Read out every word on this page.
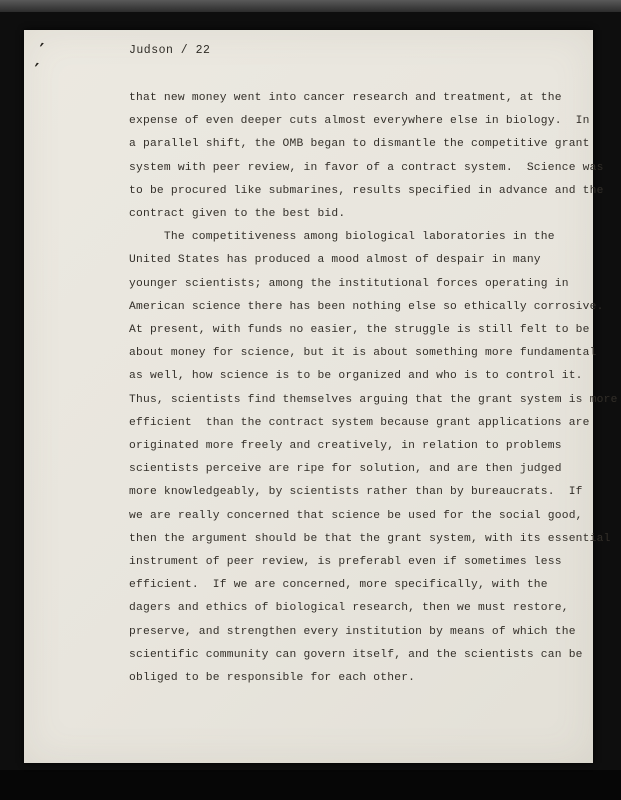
’
’
Judson / 22
that new money went into cancer research and treatment, at the
expense of even deeper cuts almost everywhere else in biology.  In
a parallel shift, the OMB began to dismantle the competitive grant
system with peer review, in favor of a contract system.  Science was
to be procured like submarines, results specified in advance and the
contract given to the best bid.
The competitiveness among biological laboratories in the
United States has produced a mood almost of despair in many
younger scientists; among the institutional forces operating in
American science there has been nothing else so ethically corrosive.
At present, with funds no easier, the struggle is still felt to be
about money for science, but it is about something more fundamental
as well, how science is to be organized and who is to control it.
Thus, scientists find themselves arguing that the grant system is more
efficient  than the contract system because grant applications are
originated more freely and creatively, in relation to problems
scientists perceive are ripe for solution, and are then judged
more knowledgeably, by scientists rather than by bureaucrats.  If
we are really concerned that science be used for the social good,
then the argument should be that the grant system, with its essential
instrument of peer review, is preferabl even if sometimes less
efficient.  If we are concerned, more specifically, with the
dagers and ethics of biological research, then we must restore,
preserve, and strengthen every institution by means of which the
scientific community can govern itself, and the scientists can be
obliged to be responsible for each other.
